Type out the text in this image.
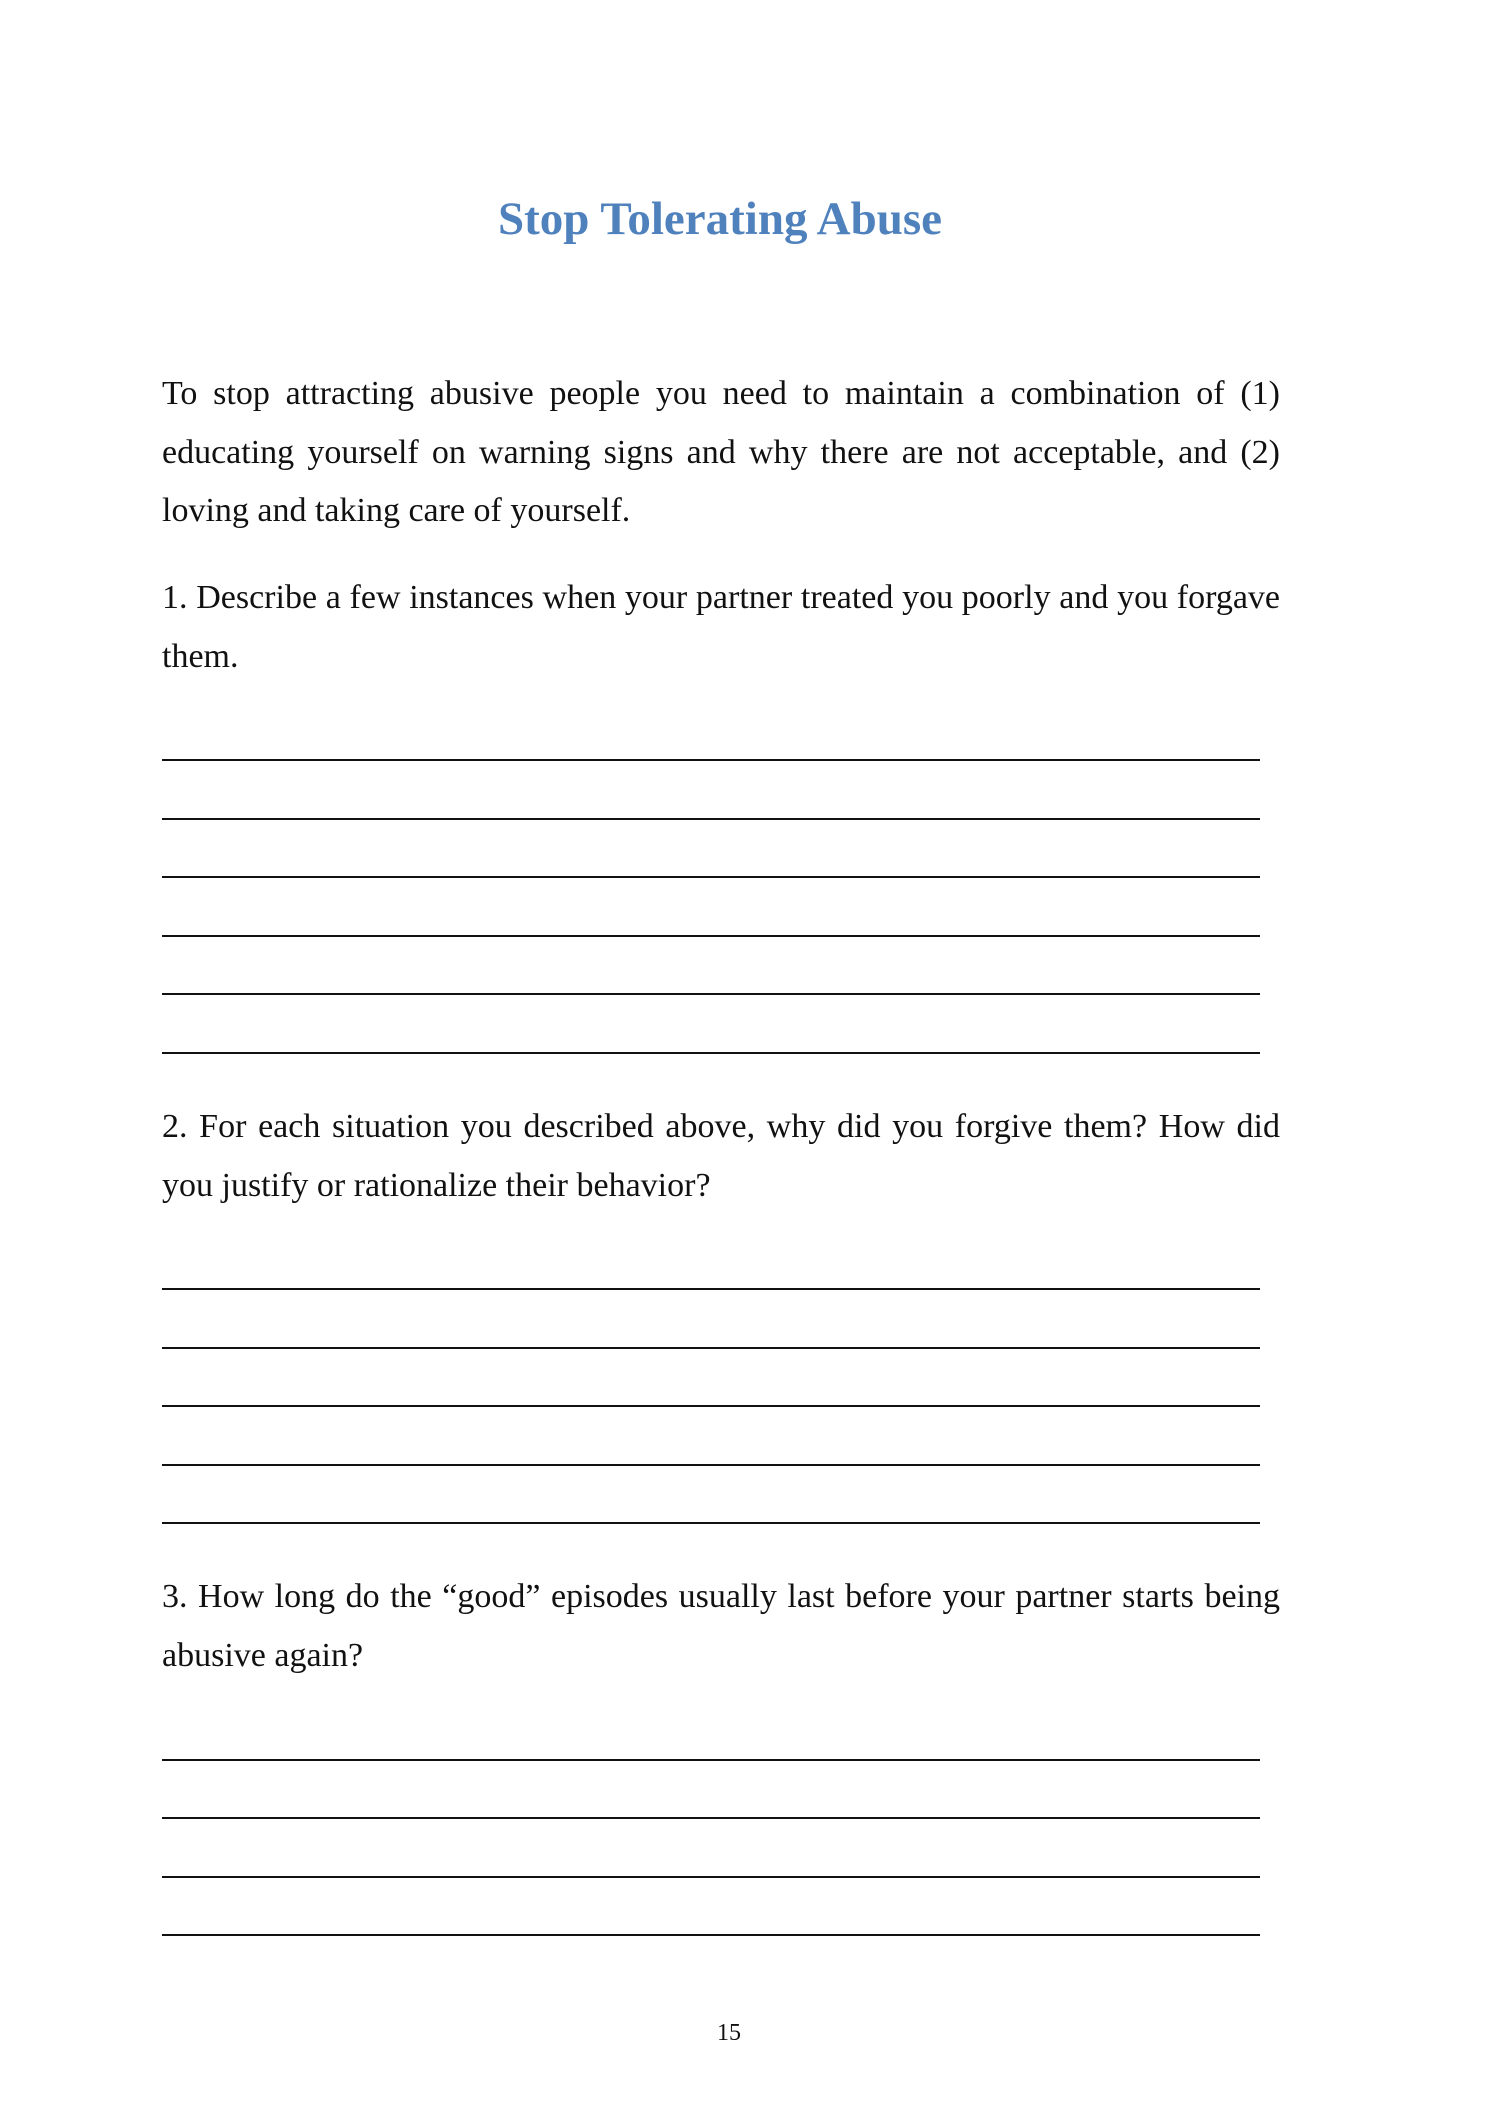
Stop Tolerating Abuse
To stop attracting abusive people you need to maintain a combination of (1) educating yourself on warning signs and why there are not acceptable, and (2) loving and taking care of yourself.
1. Describe a few instances when your partner treated you poorly and you forgave them.
2. For each situation you described above, why did you forgive them? How did you justify or rationalize their behavior?
3. How long do the “good” episodes usually last before your partner starts being abusive again?
15
